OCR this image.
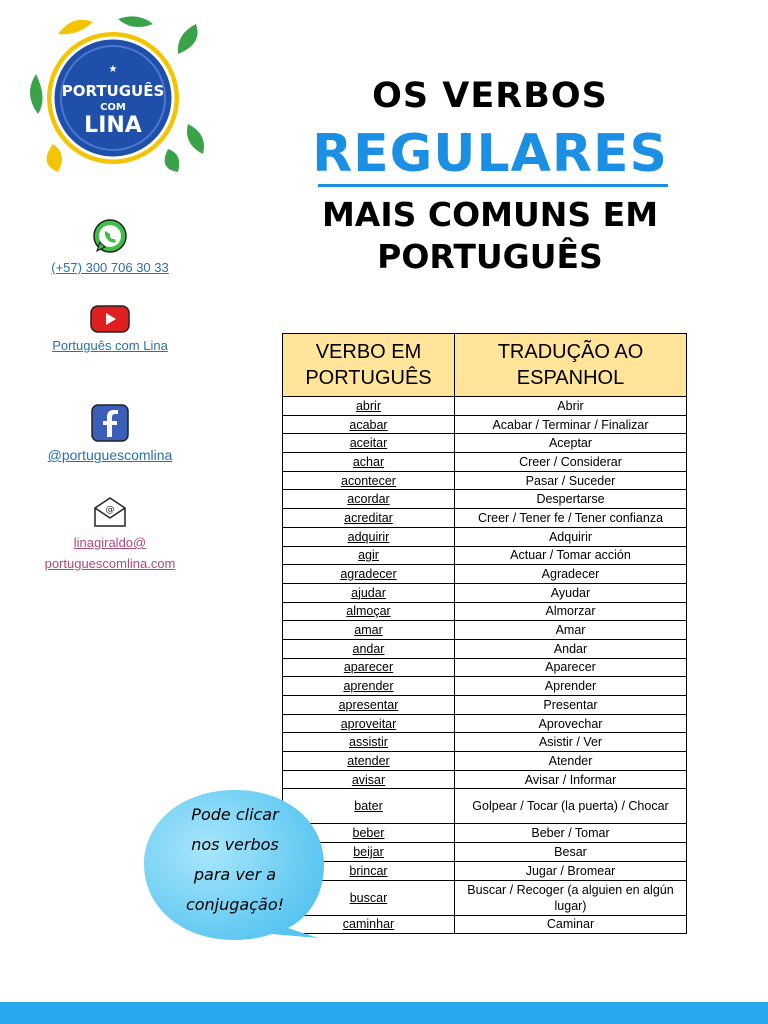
★
PORTUGUÊS
COM
LINA
(+57) 300 706 30 33
Português com Lina
@portuguescomlina
@
linagiraldo@
portuguescomlina.com
OS VERBOS
REGULARES
MAIS COMUNS EM
PORTUGUÊS
VERBO EM PORTUGUÊS	TRADUÇÃO AO ESPANHOL
abrir	Abrir
acabar	Acabar / Terminar / Finalizar
aceitar	Aceptar
achar	Creer / Considerar
acontecer	Pasar / Suceder
acordar	Despertarse
acreditar	Creer / Tener fe / Tener confianza
adquirir	Adquirir
agir	Actuar / Tomar acción
agradecer	Agradecer
ajudar	Ayudar
almoçar	Almorzar
amar	Amar
andar	Andar
aparecer	Aparecer
aprender	Aprender
apresentar	Presentar
aproveitar	Aprovechar
assistir	Asistir / Ver
atender	Atender
avisar	Avisar / Informar
bater	Golpear / Tocar (la puerta) / Chocar
beber	Beber / Tomar
beijar	Besar
brincar	Jugar / Bromear
buscar	Buscar / Recoger (a alguien en algún lugar)
caminhar	Caminar
Pode clicar
nos verbos
para ver a
conjugação!
